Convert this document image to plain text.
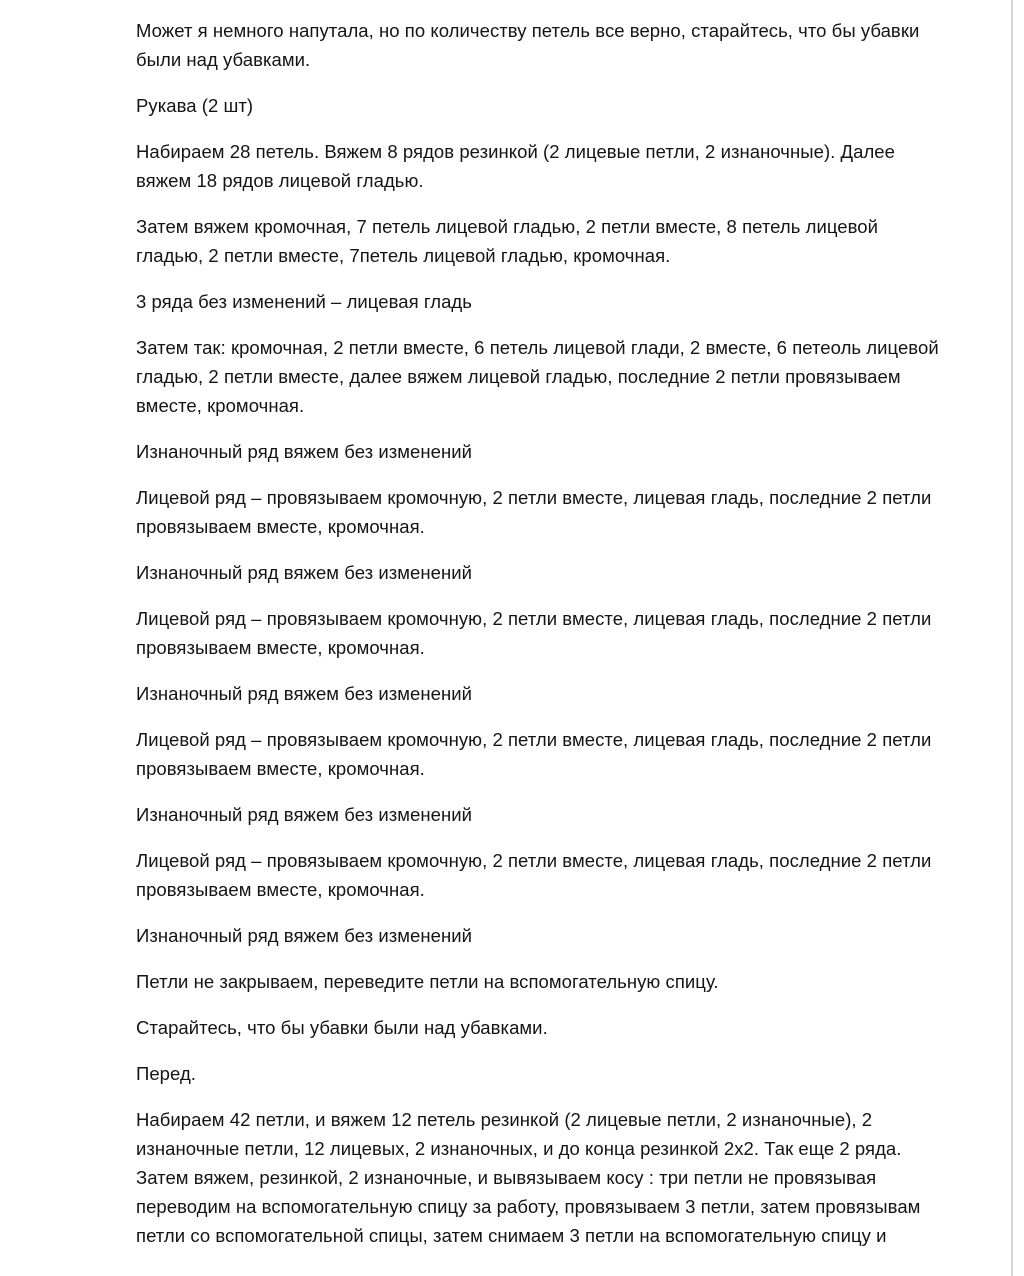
Может я немного напутала, но по количеству петель все верно, старайтесь, что бы убавки были над убавками.

Рукава (2 шт)

Набираем 28 петель. Вяжем 8 рядов резинкой (2 лицевые петли, 2 изнаночные). Далее вяжем 18 рядов лицевой гладью.

Затем вяжем кромочная, 7 петель лицевой гладью, 2 петли вместе, 8 петель лицевой гладью, 2 петли вместе, 7петель лицевой гладью, кромочная.

3 ряда без изменений – лицевая гладь

Затем так: кромочная, 2 петли вместе, 6 петель лицевой глади, 2 вместе, 6 петеоль лицевой гладью, 2 петли вместе, далее вяжем лицевой гладью, последние 2 петли провязываем вместе, кромочная.

Изнаночный ряд вяжем без изменений

Лицевой ряд – провязываем кромочную, 2 петли вместе, лицевая гладь, последние 2 петли провязываем вместе, кромочная.

Изнаночный ряд вяжем без изменений

Лицевой ряд – провязываем кромочную, 2 петли вместе, лицевая гладь, последние 2 петли провязываем вместе, кромочная.

Изнаночный ряд вяжем без изменений

Лицевой ряд – провязываем кромочную, 2 петли вместе, лицевая гладь, последние 2 петли провязываем вместе, кромочная.

Изнаночный ряд вяжем без изменений

Лицевой ряд – провязываем кромочную, 2 петли вместе, лицевая гладь, последние 2 петли провязываем вместе, кромочная.

Изнаночный ряд вяжем без изменений

Петли не закрываем, переведите петли на вспомогательную спицу.

Старайтесь, что бы убавки были над убавками.

Перед.

Набираем 42 петли, и вяжем 12 петель резинкой (2 лицевые петли, 2 изнаночные), 2 изнаночные петли, 12 лицевых, 2 изнаночных, и до конца резинкой 2х2. Так еще 2 ряда. Затем вяжем, резинкой, 2 изнаночные, и вывязываем косу : три петли не провязывая переводим на вспомогательную спицу за работу, провязываем 3 петли, затем провязывам петли со вспомогательной спицы, затем снимаем 3 петли на вспомогательную спицу и
